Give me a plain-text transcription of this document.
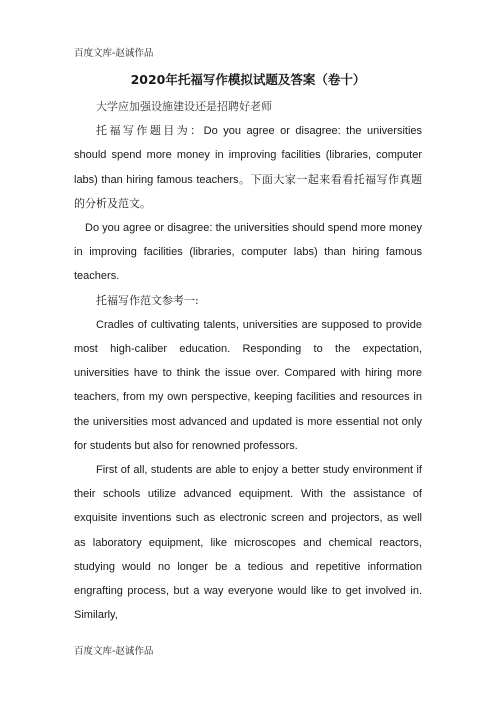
百度文库-赵诚作品
2020年托福写作模拟试题及答案（卷十）

大学应加强设施建设还是招聘好老师

托福写作题目为：Do you agree or disagree: the universities should spend more money in improving facilities (libraries, computer labs) than hiring famous teachers。下面大家一起来看看托福写作真题的分析及范文。

Do you agree or disagree: the universities should spend more money in improving facilities (libraries, computer labs) than hiring famous teachers.

托福写作范文参考一:

Cradles of cultivating talents, universities are supposed to provide most high-caliber education. Responding to the expectation, universities have to think the issue over. Compared with hiring more teachers, from my own perspective, keeping facilities and resources in the universities most advanced and updated is more essential not only for students but also for renowned professors.

First of all, students are able to enjoy a better study environment if their schools utilize advanced equipment. With the assistance of exquisite inventions such as electronic screen and projectors, as well as laboratory equipment, like microscopes and chemical reactors, studying would no longer be a tedious and repetitive information engrafting process, but a way everyone would like to get involved in. Similarly,

百度文库-赵诚作品
